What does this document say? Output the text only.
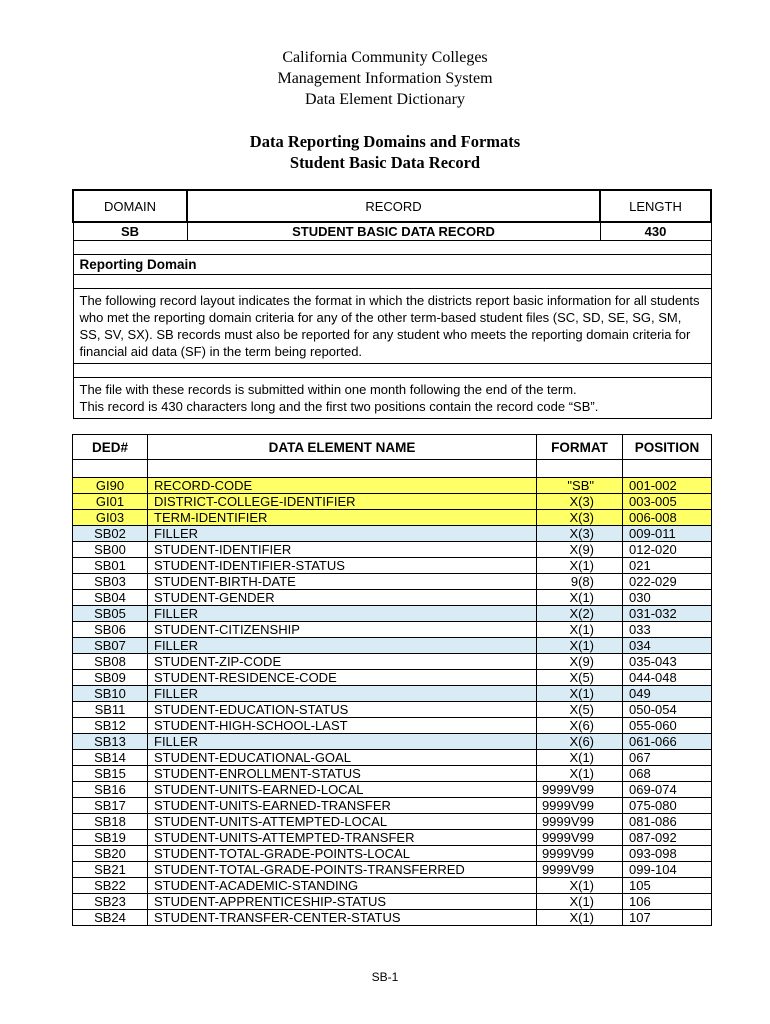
California Community Colleges
Management Information System
Data Element Dictionary
Data Reporting Domains and Formats
Student Basic Data Record
DOMAIN	RECORD	LENGTH
SB	STUDENT BASIC DATA RECORD	430

Reporting Domain		

The following record layout indicates the format in which the districts report basic information for all students who met the reporting domain criteria for any of the other term-based student files (SC, SD, SE, SG, SM, SS, SV, SX). SB records must also be reported for any student who meets the reporting domain criteria for financial aid data (SF) in the term being reported.		

The file with these records is submitted within one month following the end of the term.
This record is 430 characters long and the first two positions contain the record code “SB”.		
DED#	DATA ELEMENT NAME	FORMAT	POSITION

GI90	RECORD-CODE	"SB"	001-002
GI01	DISTRICT-COLLEGE-IDENTIFIER	X(3)	003-005
GI03	TERM-IDENTIFIER	X(3)	006-008
SB02	FILLER	X(3)	009-011
SB00	STUDENT-IDENTIFIER	X(9)	012-020
SB01	STUDENT-IDENTIFIER-STATUS	X(1)	021
SB03	STUDENT-BIRTH-DATE	9(8)	022-029
SB04	STUDENT-GENDER	X(1)	030
SB05	FILLER	X(2)	031-032
SB06	STUDENT-CITIZENSHIP	X(1)	033
SB07	FILLER	X(1)	034
SB08	STUDENT-ZIP-CODE	X(9)	035-043
SB09	STUDENT-RESIDENCE-CODE	X(5)	044-048
SB10	FILLER	X(1)	049
SB11	STUDENT-EDUCATION-STATUS	X(5)	050-054
SB12	STUDENT-HIGH-SCHOOL-LAST	X(6)	055-060
SB13	FILLER	X(6)	061-066
SB14	STUDENT-EDUCATIONAL-GOAL	X(1)	067
SB15	STUDENT-ENROLLMENT-STATUS	X(1)	068
SB16	STUDENT-UNITS-EARNED-LOCAL	9999V99	069-074
SB17	STUDENT-UNITS-EARNED-TRANSFER	9999V99	075-080
SB18	STUDENT-UNITS-ATTEMPTED-LOCAL	9999V99	081-086
SB19	STUDENT-UNITS-ATTEMPTED-TRANSFER	9999V99	087-092
SB20	STUDENT-TOTAL-GRADE-POINTS-LOCAL	9999V99	093-098
SB21	STUDENT-TOTAL-GRADE-POINTS-TRANSFERRED	9999V99	099-104
SB22	STUDENT-ACADEMIC-STANDING	X(1)	105
SB23	STUDENT-APPRENTICESHIP-STATUS	X(1)	106
SB24	STUDENT-TRANSFER-CENTER-STATUS	X(1)	107
SB-1
